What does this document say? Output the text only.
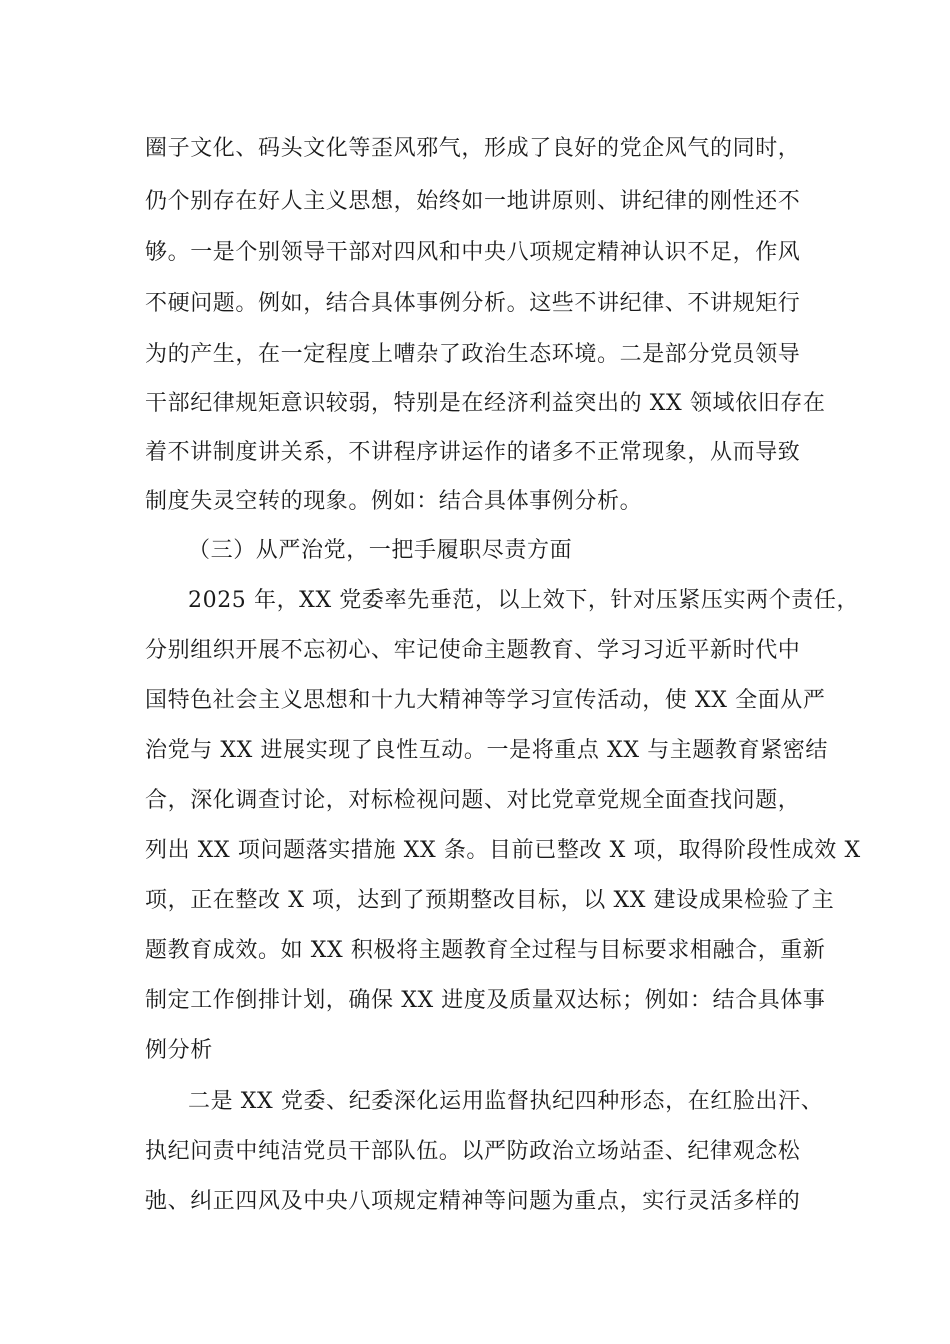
圈子文化、码头文化等歪风邪气，形成了良好的党企风气的同时，
仍个别存在好人主义思想，始终如一地讲原则、讲纪律的刚性还不
够。一是个别领导干部对四风和中央八项规定精神认识不足，作风
不硬问题。例如，结合具体事例分析。这些不讲纪律、不讲规矩行
为的产生，在一定程度上嘈杂了政治生态环境。二是部分党员领导
干部纪律规矩意识较弱，特别是在经济利益突出的 XX 领域依旧存在
着不讲制度讲关系，不讲程序讲运作的诸多不正常现象，从而导致
制度失灵空转的现象。例如：结合具体事例分析。
（三）从严治党，一把手履职尽责方面
2025 年，XX 党委率先垂范，以上效下，针对压紧压实两个责任，
分别组织开展不忘初心、牢记使命主题教育、学习习近平新时代中
国特色社会主义思想和十九大精神等学习宣传活动，使 XX 全面从严
治党与 XX 进展实现了良性互动。一是将重点 XX 与主题教育紧密结
合，深化调查讨论，对标检视问题、对比党章党规全面查找问题，
列出 XX 项问题落实措施 XX 条。目前已整改 X 项，取得阶段性成效 X
项，正在整改 X 项，达到了预期整改目标，以 XX 建设成果检验了主
题教育成效。如 XX 积极将主题教育全过程与目标要求相融合，重新
制定工作倒排计划，确保 XX 进度及质量双达标；例如：结合具体事
例分析
二是 XX 党委、纪委深化运用监督执纪四种形态，在红脸出汗、
执纪问责中纯洁党员干部队伍。以严防政治立场站歪、纪律观念松
弛、纠正四风及中央八项规定精神等问题为重点，实行灵活多样的
